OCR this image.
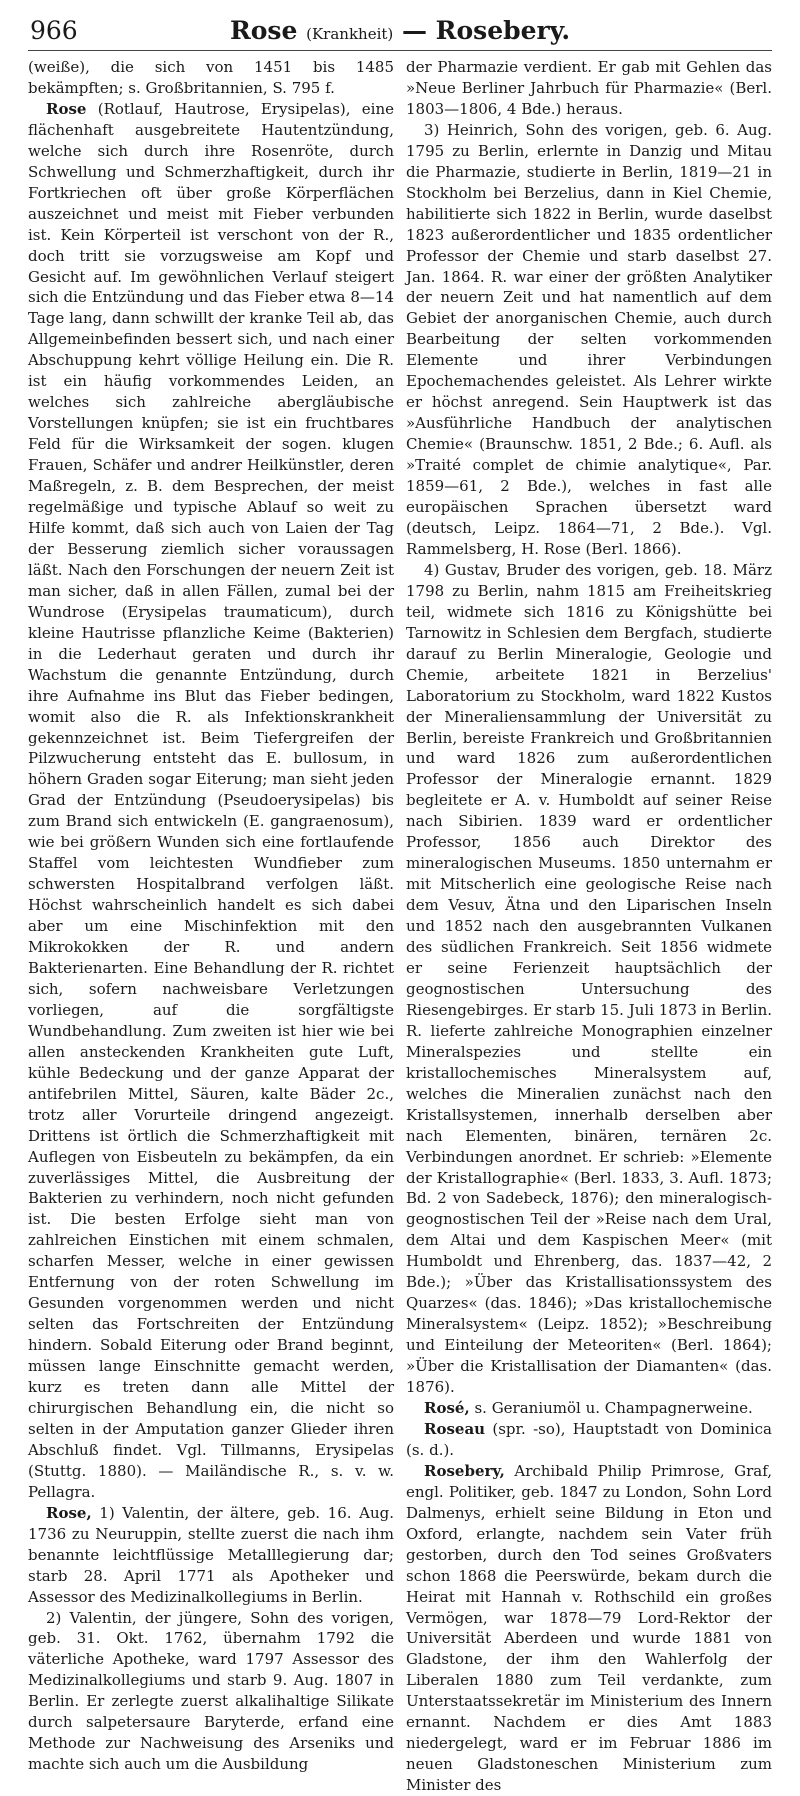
966	Rose (Krankheit) — Rosebery.

(weiße), die sich von 1451 bis 1485 bekämpften; s. Großbritannien, S. 795 f.

Rose (Rotlauf, Hautrose, Erysipelas), eine flächenhaft ausgebreitete Hautentzündung, welche sich durch ihre Rosenröte, durch Schwellung und Schmerzhaftigkeit, durch ihr Fortkriechen oft über große Körperflächen auszeichnet und meist mit Fieber verbunden ist. Kein Körperteil ist verschont von der R., doch tritt sie vorzugsweise am Kopf und Gesicht auf. Im gewöhnlichen Verlauf steigert sich die Entzündung und das Fieber etwa 8—14 Tage lang, dann schwillt der kranke Teil ab, das Allgemeinbefinden bessert sich, und nach einer Abschuppung kehrt völlige Heilung ein. Die R. ist ein häufig vorkommendes Leiden, an welches sich zahlreiche abergläubische Vorstellungen knüpfen; sie ist ein fruchtbares Feld für die Wirksamkeit der sogen. klugen Frauen, Schäfer und andrer Heilkünstler, deren Maßregeln, z. B. dem Besprechen, der meist regelmäßige und typische Ablauf so weit zu Hilfe kommt, daß sich auch von Laien der Tag der Besserung ziemlich sicher voraussagen läßt. Nach den Forschungen der neuern Zeit ist man sicher, daß in allen Fällen, zumal bei der Wundrose (Erysipelas traumaticum), durch kleine Hautrisse pflanzliche Keime (Bakterien) in die Lederhaut geraten und durch ihr Wachstum die genannte Entzündung, durch ihre Aufnahme ins Blut das Fieber bedingen, womit also die R. als Infektionskrankheit gekennzeichnet ist. Beim Tiefergreifen der Pilzwucherung entsteht das E. bullosum, in höhern Graden sogar Eiterung; man sieht jeden Grad der Entzündung (Pseudoerysipelas) bis zum Brand sich entwickeln (E. gangraenosum), wie bei größern Wunden sich eine fortlaufende Staffel vom leichtesten Wundfieber zum schwersten Hospitalbrand verfolgen läßt. Höchst wahrscheinlich handelt es sich dabei aber um eine Mischinfektion mit den Mikrokokken der R. und andern Bakterienarten. Eine Behandlung der R. richtet sich, sofern nachweisbare Verletzungen vorliegen, auf die sorgfältigste Wundbehandlung. Zum zweiten ist hier wie bei allen ansteckenden Krankheiten gute Luft, kühle Bedeckung und der ganze Apparat der antifebrilen Mittel, Säuren, kalte Bäder 2c., trotz aller Vorurteile dringend angezeigt. Drittens ist örtlich die Schmerzhaftigkeit mit Auflegen von Eisbeuteln zu bekämpfen, da ein zuverlässiges Mittel, die Ausbreitung der Bakterien zu verhindern, noch nicht gefunden ist. Die besten Erfolge sieht man von zahlreichen Einstichen mit einem schmalen, scharfen Messer, welche in einer gewissen Entfernung von der roten Schwellung im Gesunden vorgenommen werden und nicht selten das Fortschreiten der Entzündung hindern. Sobald Eiterung oder Brand beginnt, müssen lange Einschnitte gemacht werden, kurz es treten dann alle Mittel der chirurgischen Behandlung ein, die nicht so selten in der Amputation ganzer Glieder ihren Abschluß findet. Vgl. Tillmanns, Erysipelas (Stuttg. 1880). — Mailändische R., s. v. w. Pellagra.

Rose, 1) Valentin, der ältere, geb. 16. Aug. 1736 zu Neuruppin, stellte zuerst die nach ihm benannte leichtflüssige Metalllegierung dar; starb 28. April 1771 als Apotheker und Assessor des Medizinalkollegiums in Berlin.

2) Valentin, der jüngere, Sohn des vorigen, geb. 31. Okt. 1762, übernahm 1792 die väterliche Apotheke, ward 1797 Assessor des Medizinalkollegiums und starb 9. Aug. 1807 in Berlin. Er zerlegte zuerst alkalihaltige Silikate durch salpetersaure Baryterde, erfand eine Methode zur Nachweisung des Arseniks und machte sich auch um die Ausbildung

der Pharmazie verdient. Er gab mit Gehlen das »Neue Berliner Jahrbuch für Pharmazie« (Berl. 1803—1806, 4 Bde.) heraus.

3) Heinrich, Sohn des vorigen, geb. 6. Aug. 1795 zu Berlin, erlernte in Danzig und Mitau die Pharmazie, studierte in Berlin, 1819—21 in Stockholm bei Berzelius, dann in Kiel Chemie, habilitierte sich 1822 in Berlin, wurde daselbst 1823 außerordentlicher und 1835 ordentlicher Professor der Chemie und starb daselbst 27. Jan. 1864. R. war einer der größten Analytiker der neuern Zeit und hat namentlich auf dem Gebiet der anorganischen Chemie, auch durch Bearbeitung der selten vorkommenden Elemente und ihrer Verbindungen Epochemachendes geleistet. Als Lehrer wirkte er höchst anregend. Sein Hauptwerk ist das »Ausführliche Handbuch der analytischen Chemie« (Braunschw. 1851, 2 Bde.; 6. Aufl. als »Traité complet de chimie analytique«, Par. 1859—61, 2 Bde.), welches in fast alle europäischen Sprachen übersetzt ward (deutsch, Leipz. 1864—71, 2 Bde.). Vgl. Rammelsberg, H. Rose (Berl. 1866).

4) Gustav, Bruder des vorigen, geb. 18. März 1798 zu Berlin, nahm 1815 am Freiheitskrieg teil, widmete sich 1816 zu Königshütte bei Tarnowitz in Schlesien dem Bergfach, studierte darauf zu Berlin Mineralogie, Geologie und Chemie, arbeitete 1821 in Berzelius' Laboratorium zu Stockholm, ward 1822 Kustos der Mineraliensammlung der Universität zu Berlin, bereiste Frankreich und Großbritannien und ward 1826 zum außerordentlichen Professor der Mineralogie ernannt. 1829 begleitete er A. v. Humboldt auf seiner Reise nach Sibirien. 1839 ward er ordentlicher Professor, 1856 auch Direktor des mineralogischen Museums. 1850 unternahm er mit Mitscherlich eine geologische Reise nach dem Vesuv, Ätna und den Liparischen Inseln und 1852 nach den ausgebrannten Vulkanen des südlichen Frankreich. Seit 1856 widmete er seine Ferienzeit hauptsächlich der geognostischen Untersuchung des Riesengebirges. Er starb 15. Juli 1873 in Berlin. R. lieferte zahlreiche Monographien einzelner Mineralspezies und stellte ein kristallochemisches Mineralsystem auf, welches die Mineralien zunächst nach den Kristallsystemen, innerhalb derselben aber nach Elementen, binären, ternären 2c. Verbindungen anordnet. Er schrieb: »Elemente der Kristallographie« (Berl. 1833, 3. Aufl. 1873; Bd. 2 von Sadebeck, 1876); den mineralogisch-geognostischen Teil der »Reise nach dem Ural, dem Altai und dem Kaspischen Meer« (mit Humboldt und Ehrenberg, das. 1837—42, 2 Bde.); »Über das Kristallisationssystem des Quarzes« (das. 1846); »Das kristallochemische Mineralsystem« (Leipz. 1852); »Beschreibung und Einteilung der Meteoriten« (Berl. 1864); »Über die Kristallisation der Diamanten« (das. 1876).

Rosé, s. Geraniumöl u. Champagnerweine.

Roseau (spr. -so), Hauptstadt von Dominica (s. d.).

Rosebery, Archibald Philip Primrose, Graf, engl. Politiker, geb. 1847 zu London, Sohn Lord Dalmenys, erhielt seine Bildung in Eton und Oxford, erlangte, nachdem sein Vater früh gestorben, durch den Tod seines Großvaters schon 1868 die Peerswürde, bekam durch die Heirat mit Hannah v. Rothschild ein großes Vermögen, war 1878—79 Lord-Rektor der Universität Aberdeen und wurde 1881 von Gladstone, der ihm den Wahlerfolg der Liberalen 1880 zum Teil verdankte, zum Unterstaatssekretär im Ministerium des Innern ernannt. Nachdem er dies Amt 1883 niedergelegt, ward er im Februar 1886 im neuen Gladstoneschen Ministerium zum Minister des
